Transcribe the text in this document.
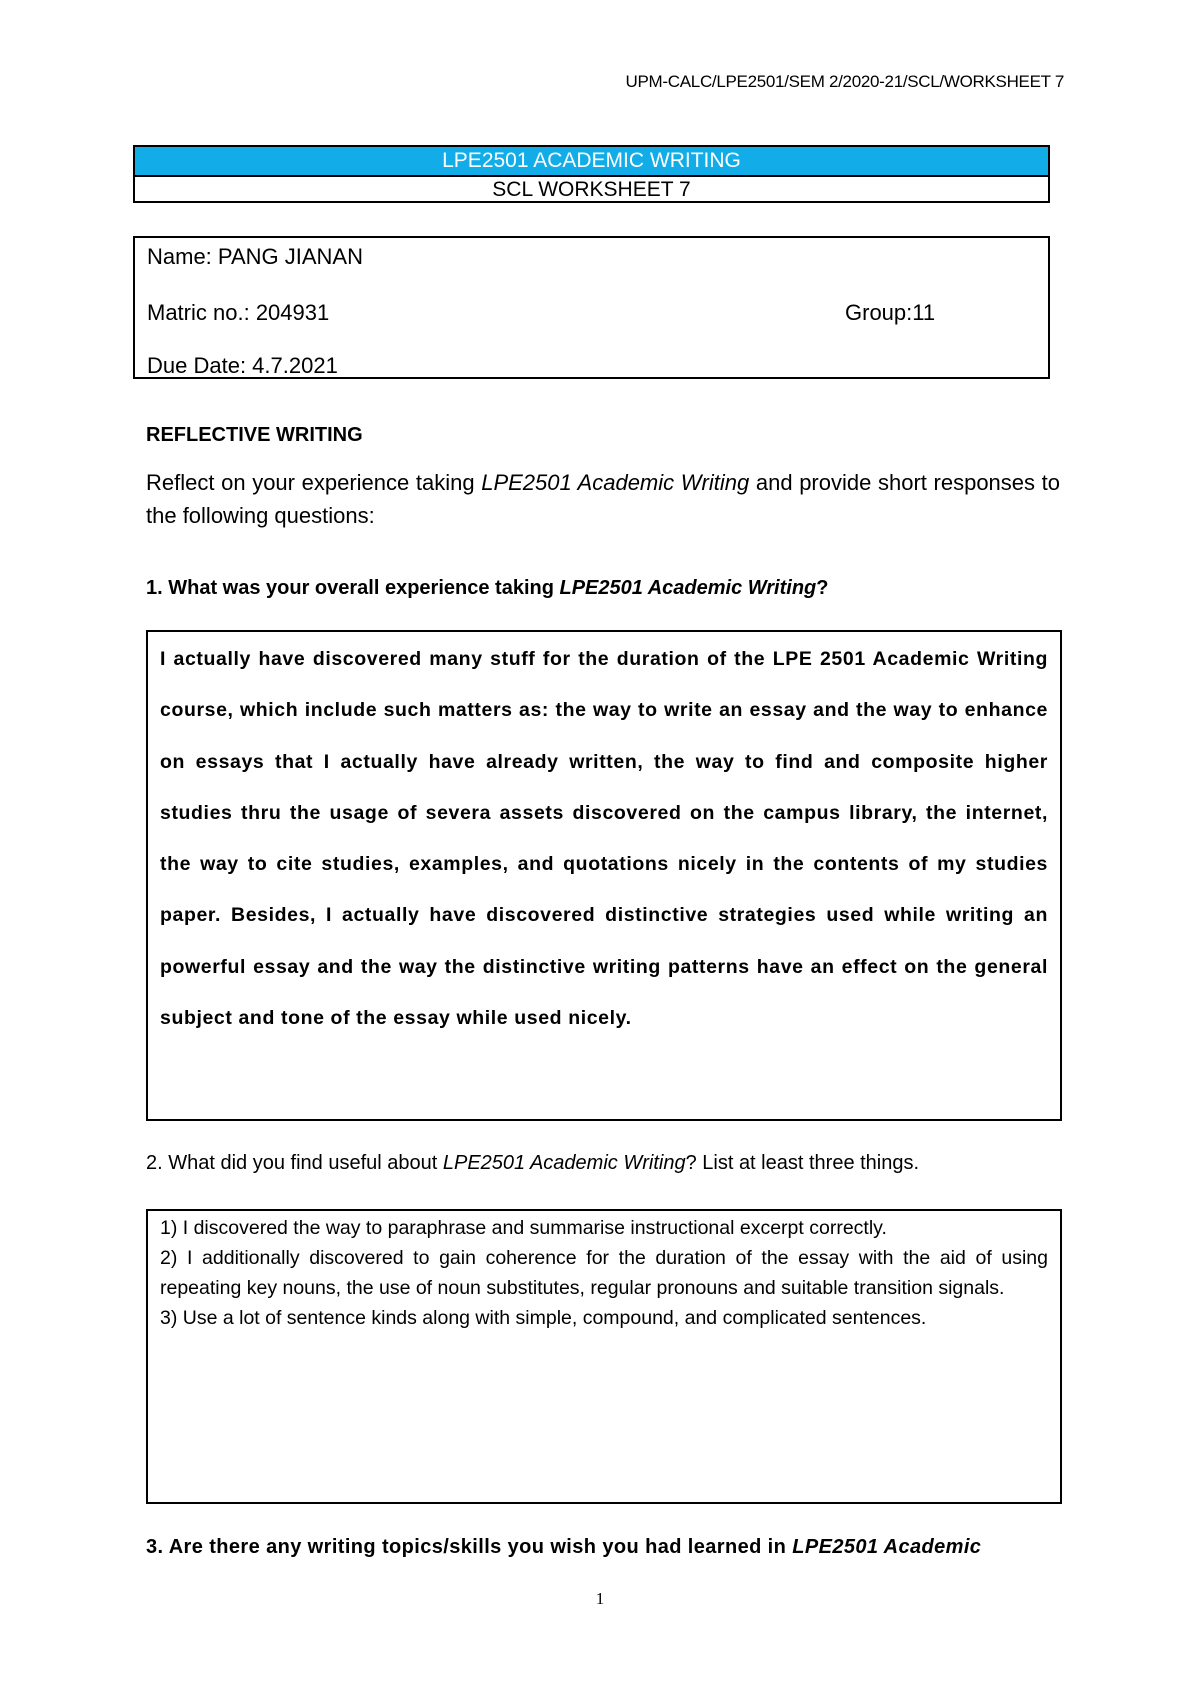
UPM-CALC/LPE2501/SEM 2/2020-21/SCL/WORKSHEET 7
LPE2501 ACADEMIC WRITING
SCL WORKSHEET 7
Name: PANG JIANAN
Matric no.: 204931	Group:11
Due Date: 4.7.2021
REFLECTIVE WRITING
Reflect on your experience taking LPE2501 Academic Writing and provide short responses to the following questions:
1. What was your overall experience taking LPE2501 Academic Writing?

I actually have discovered many stuff for the duration of the LPE 2501 Academic Writing course, which include such matters as: the way to write an essay and the way to enhance on essays that I actually have already written, the way to find and composite higher studies thru the usage of severa assets discovered on the campus library, the internet, the way to cite studies, examples, and quotations nicely in the contents of my studies paper. Besides, I actually have discovered distinctive strategies used while writing an powerful essay and the way the distinctive writing patterns have an effect on the general subject and tone of the essay while used nicely.

2. What did you find useful about LPE2501 Academic Writing? List at least three things.

1) I discovered the way to paraphrase and summarise instructional excerpt correctly.

2) I additionally discovered to gain coherence for the duration of the essay with the aid of using repeating key nouns, the use of noun substitutes, regular pronouns and suitable transition signals.

3) Use a lot of sentence kinds along with simple, compound, and complicated sentences.

3. Are there any writing topics/skills you wish you had learned in LPE2501 Academic
1
